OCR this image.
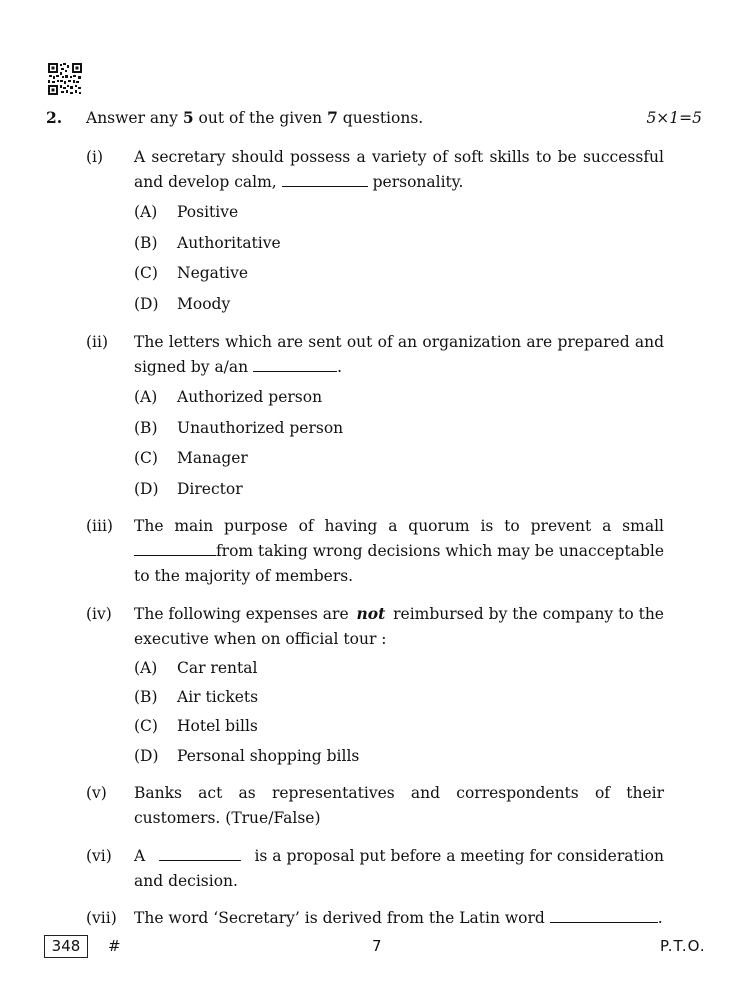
2. Answer any 5 out of the given 7 questions.	5×1=5
(i) A secretary should possess a variety of soft skills to be successful
and develop calm,	personality.
(A) Positive
(B) Authoritative
(C) Negative
(D) Moody
(ii) The letters which are sent out of an organization are prepared and
signed by a/an	.
(A) Authorized person
(B) Unauthorized person
(C) Manager
(D) Director
(iii) The main purpose of having a quorum is to prevent a small
from taking wrong decisions which may be unacceptable
to the majority of members.
(iv) The following expenses are not reimbursed by the company to the
executive when on official tour :
(A) Car rental
(B) Air tickets
(C) Hotel bills
(D) Personal shopping bills
(v) Banks act as representatives and correspondents of their
customers. (True/False)
(vi) A	is a proposal put before a meeting for consideration
and decision.
(vii) The word ‘Secretary’ is derived from the Latin word	.
348	#	7	P.T.O.
